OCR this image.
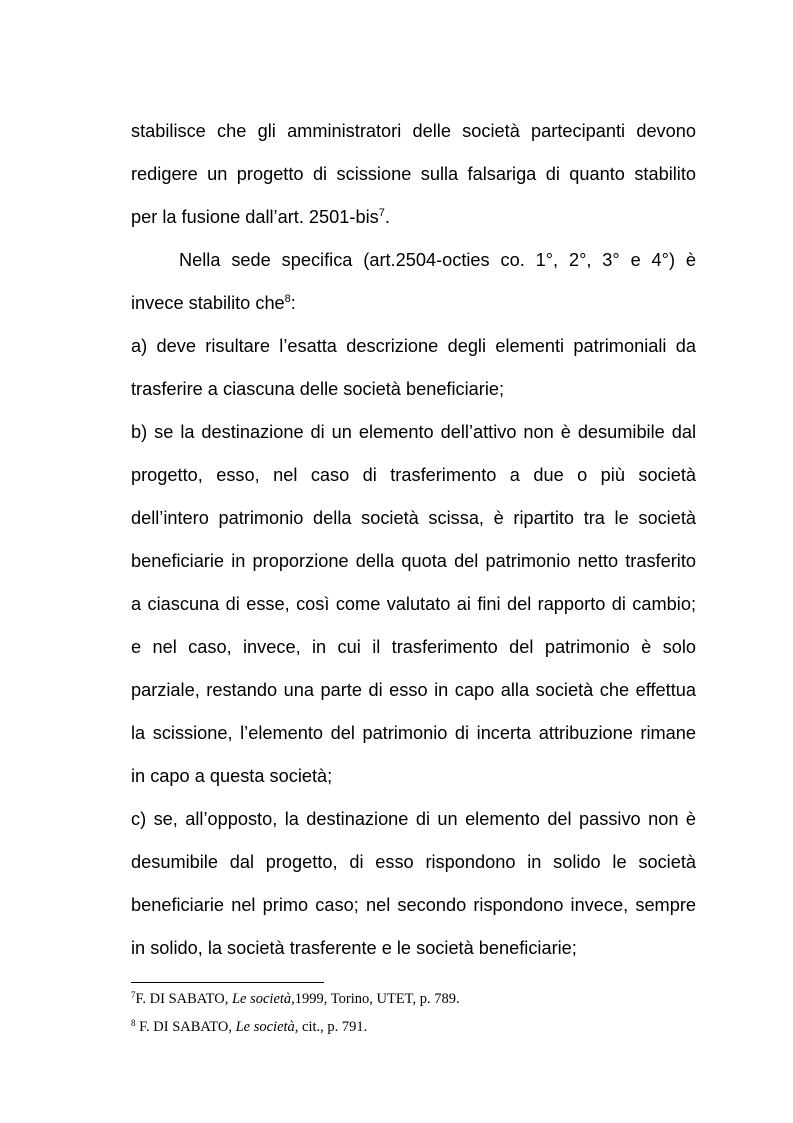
stabilisce che gli amministratori delle società partecipanti devono
redigere un progetto di scissione sulla falsariga di quanto stabilito
per la fusione dall’art. 2501-bis$^7$.
Nella sede specifica (art.2504-octies co. 1°, 2°, 3° e 4°) è
invece stabilito che$^8$:
a) deve risultare l’esatta descrizione degli elementi patrimoniali da
trasferire a ciascuna delle società beneficiarie;
b) se la destinazione di un elemento dell’attivo non è desumibile dal
progetto, esso, nel caso di trasferimento a due o più società
dell’intero patrimonio della società scissa, è ripartito tra le società
beneficiarie in proporzione della quota del patrimonio netto trasferito
a ciascuna di esse, così come valutato ai fini del rapporto di cambio;
e nel caso, invece, in cui il trasferimento del patrimonio è solo
parziale, restando una parte di esso in capo alla società che effettua
la scissione, l’elemento del patrimonio di incerta attribuzione rimane
in capo a questa società;
c) se, all’opposto, la destinazione di un elemento del passivo non è
desumibile dal progetto, di esso rispondono in solido le società
beneficiarie nel primo caso; nel secondo rispondono invece, sempre
in solido, la società trasferente e le società beneficiarie;
$^7$F. DI SABATO, Le società,1999, Torino, UTET, p. 789.
$^8$ F. DI SABATO, Le società, cit., p. 791.
